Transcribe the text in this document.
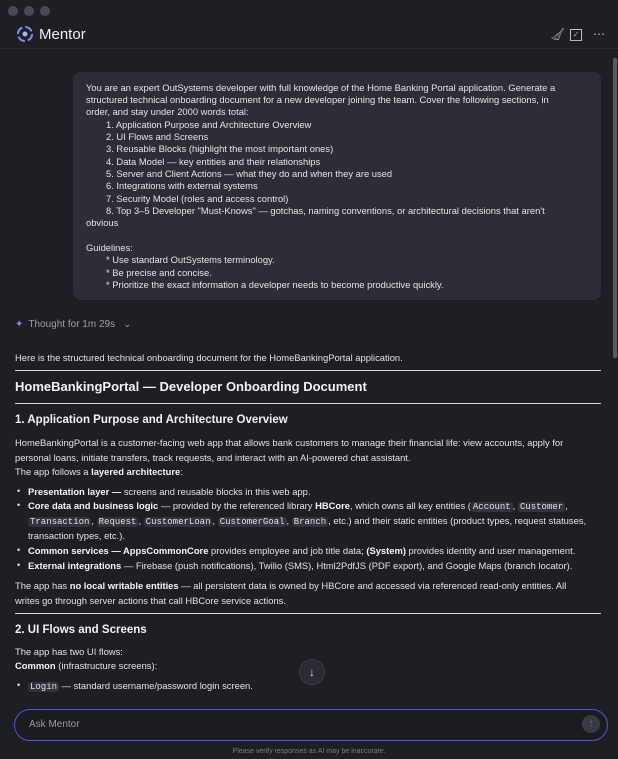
Mentor	🧹︎ ✓ ⋯
You are an expert OutSystems developer with full knowledge of the Home Banking Portal application. Generate a
structured technical onboarding document for a new developer joining the team. Cover the following sections, in
order, and stay under 2000 words total:
1. Application Purpose and Architecture Overview
2. UI Flows and Screens
3. Reusable Blocks (highlight the most important ones)
4. Data Model — key entities and their relationships
5. Server and Client Actions — what they do and when they are used
6. Integrations with external systems
7. Security Model (roles and access control)
8. Top 3–5 Developer "Must-Knows" — gotchas, naming conventions, or architectural decisions that aren't
obvious
Guidelines:
* Use standard OutSystems terminology.
* Be precise and concise.
* Prioritize the exact information a developer needs to become productive quickly.
✦ Thought for 1m 29s ⌄
Here is the structured technical onboarding document for the HomeBankingPortal application.
HomeBankingPortal — Developer Onboarding Document
1. Application Purpose and Architecture Overview
HomeBankingPortal is a customer-facing web app that allows bank customers to manage their financial life: view accounts, apply for
personal loans, initiate transfers, track requests, and interact with an AI-powered chat assistant.
The app follows a layered architecture:
• Presentation layer — screens and reusable blocks in this web app.
• Core data and business logic — provided by the referenced library HBCore, which owns all key entities ( Account , Customer ,
Transaction , Request , CustomerLoan , CustomerGoal , Branch , etc.) and their static entities (product types, request statuses,
transaction types, etc.).
• Common services — AppsCommonCore provides employee and job title data; (System) provides identity and user management.
• External integrations — Firebase (push notifications), Twilio (SMS), Html2PdfJS (PDF export), and Google Maps (branch locator).
The app has no local writable entities — all persistent data is owned by HBCore and accessed via referenced read-only entities. All
writes go through server actions that call HBCore service actions.
2. UI Flows and Screens
The app has two UI flows:
Common (infrastructure screens):
• Login — standard username/password login screen.
↓
Ask Mentor	↑
Please verify responses as AI may be inaccurate.
